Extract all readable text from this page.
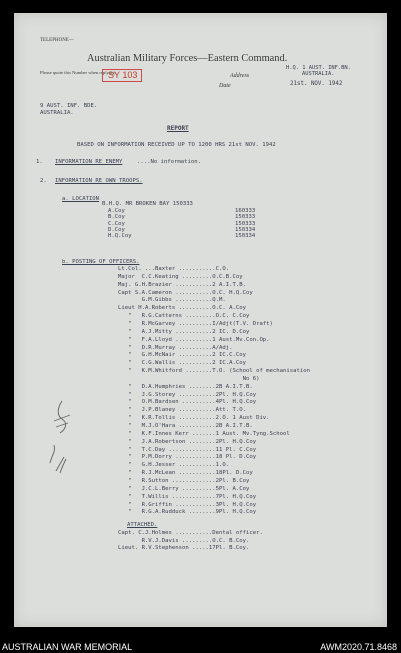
TELEPHONE—
Please quote this Number when replying.
SY 103
Australian Military Forces—Eastern Command.
Address
Date
H.Q. 1 AUST. INF.BN.
AUSTRALIA.
21st. NOV. 1942
9 AUST. INF. BDE.
AUSTRALIA.
REPORT
BASED ON INFORMATION RECEIVED UP TO 1200 HRS 21st NOV. 1942
1. INFORMATION RE ENEMY	....No information.
2. INFORMATION RE OWN TROOPS.
a. LOCATION
B.H.Q. MR BROKEN BAY 150333
A.Coy	160333
B.Coy	150333
C.Coy	150333
D.Coy	150334
H.Q.Coy	150334
b. POSTING OF OFFICERS.
Lt.Col. ...Baxter ...........C.O.
Major  C.C.Keating .........O.C.B.Coy
Maj. G.H.Brazier ...........2 A.I.T.B.
Capt S.A.Cameron ...........O.C. H.Q.Coy
G.M.Gibbs ...........Q.M.
Lieut H.A.Roberts ..........O.C. A.Coy
"   R.G.Catterns .........O.C. C.Coy
"   R.McGarvey ..........I/Adjt(T.V. Draft)
"   A.J.Mitty ...........2 IC. D.Coy
"   F.A.Lloyd ...........1 Aust.Mv.Con.Op.
"   D.R.Murray ..........A/Adj.
"   G.H.McNair ..........2 IC.C.Coy
"   C.G.Wallis ..........2 IC.A.Coy
"   K.M.Whitford ........T.O. (School of mechanisation
No 6)
"   D.A.Humphries ........2B A.I.T.B.
"   J.G.Storey ...........2Pl. H.Q.Coy
"   O.M.Bardsen ..........4Pl. H.Q.Coy
"   J.P.Blaney ...........Att. T.O.
"   K.R.Tollis ...........2.O. 1 Aust Div.
"   M.J.O'Hara ...........2B A.I.T.B.
"   K.F.Innes Kerr .......1 Aust. Mv.Tyng.School
"   J.A.Robertson ........2Pl. H.Q.Coy
"   T.C.Day ..............11 Pl. C.Coy
"   P.M.Dorry ............18 Pl. D.Coy
"   G.H.Jesser ...........1.O.
"   R.J.McLean ...........18Pl. D.Coy
"   R.Sutton .............2Pl. B.Coy
"   J.C.L.Berry ..........5Pl. A.Coy
"   T.Willis .............7Pl. H.Q.Coy
"   R.Griffin ............3Pl. H.Q.Coy
"   R.G.A.Rudduck ........9Pl. H.Q.Coy
ATTACHED.
Capt. C.J.Holmes ...........Dental officer.
R.V.J.Davis .........O.C. B.Coy.
Lieut. R.V.Stephenson .....17Pl. B.Coy.
AUSTRALIAN WAR MEMORIAL	AWM2020.71.8468
